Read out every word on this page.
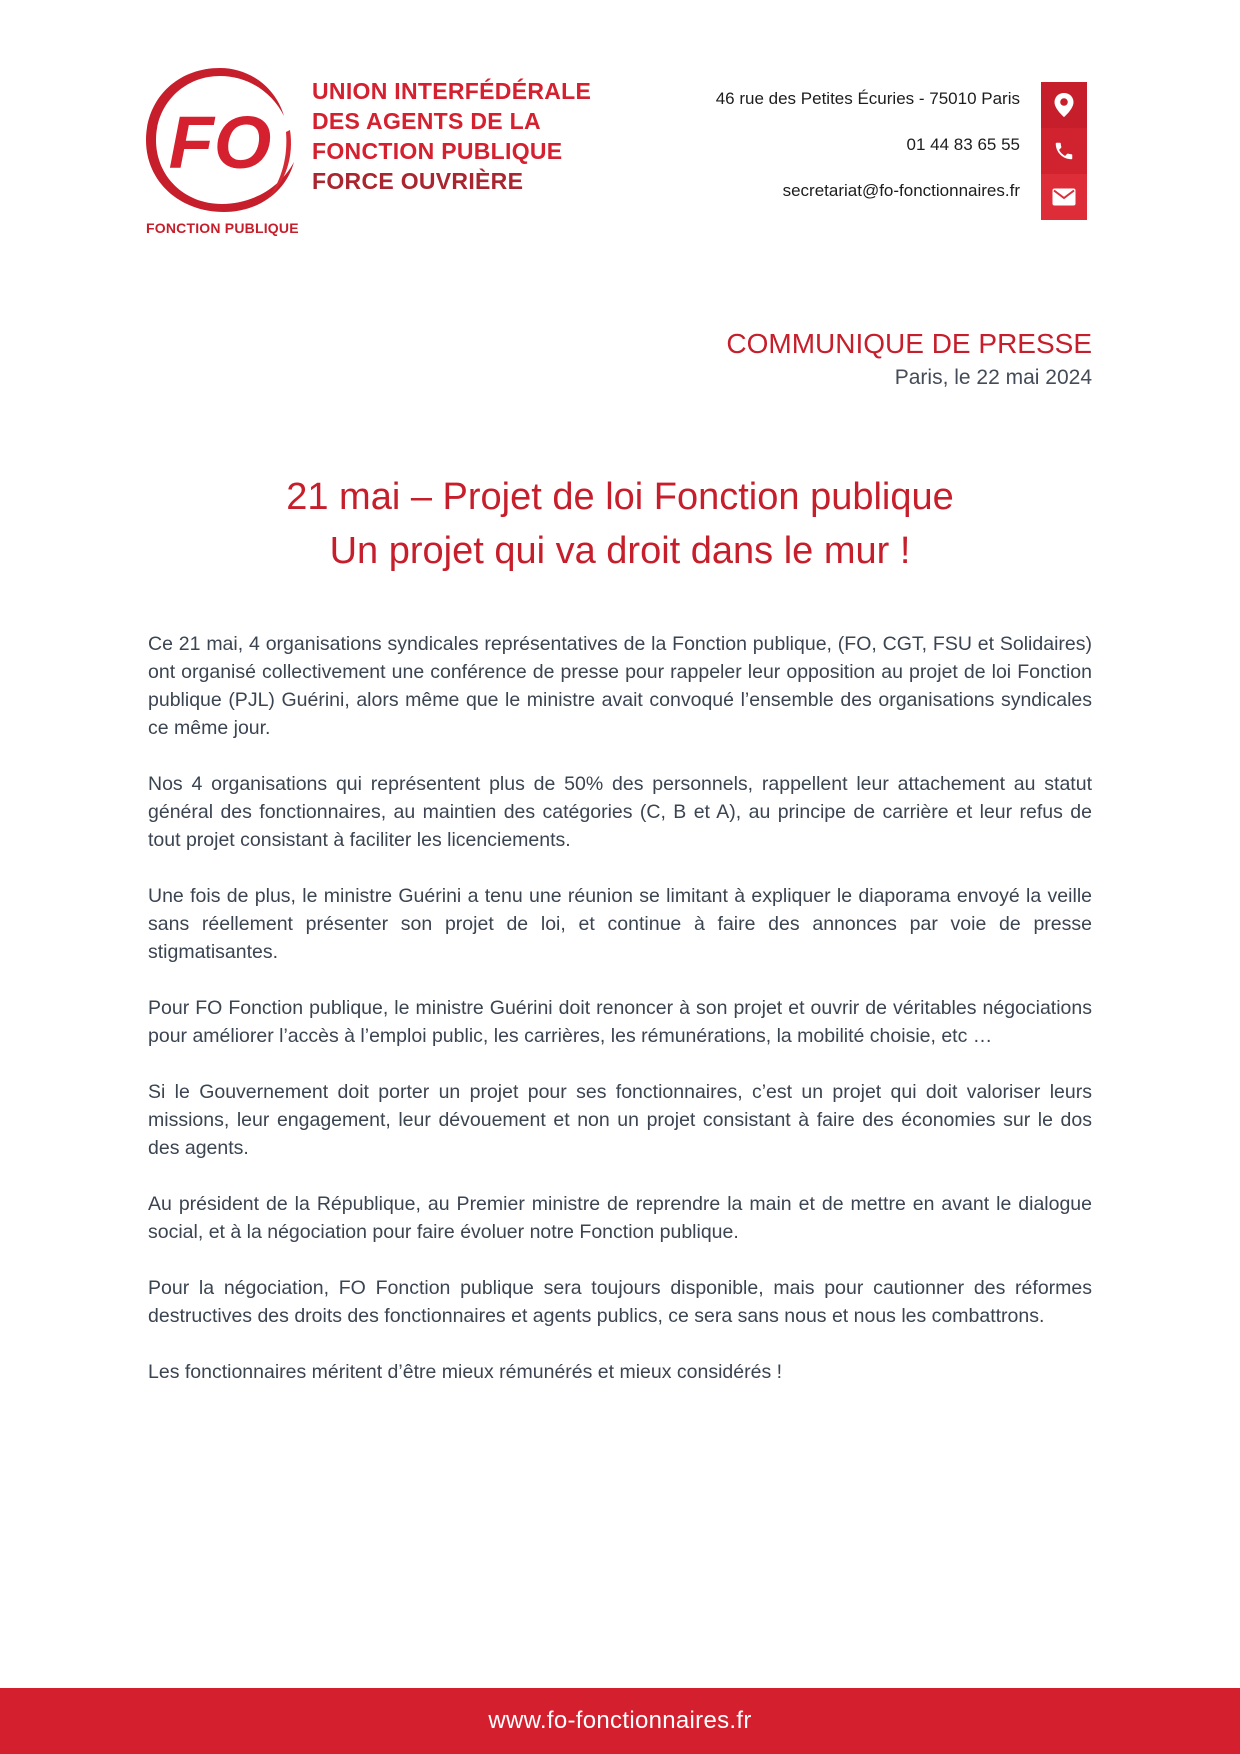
FO
FONCTION PUBLIQUE
UNION INTERFÉDÉRALE
DES AGENTS DE LA
FONCTION PUBLIQUE
FORCE OUVRIÈRE
46 rue des Petites Écuries - 75010 Paris
01 44 83 65 55
secretariat@fo-fonctionnaires.fr
COMMUNIQUE DE PRESSE
Paris, le 22 mai 2024
21 mai – Projet de loi Fonction publique
Un projet qui va droit dans le mur !

Ce 21 mai, 4 organisations syndicales représentatives de la Fonction publique, (FO, CGT, FSU et Solidaires) ont organisé collectivement une conférence de presse pour rappeler leur opposition au projet de loi Fonction publique (PJL) Guérini, alors même que le ministre avait convoqué l’ensemble des organisations syndicales ce même jour.

Nos 4 organisations qui représentent plus de 50% des personnels, rappellent leur attachement au statut général des fonctionnaires, au maintien des catégories (C, B et A), au principe de carrière et leur refus de tout projet consistant à faciliter les licenciements.

Une fois de plus, le ministre Guérini a tenu une réunion se limitant à expliquer le diaporama envoyé la veille sans réellement présenter son projet de loi, et continue à faire des annonces par voie de presse stigmatisantes.

Pour FO Fonction publique, le ministre Guérini doit renoncer à son projet et ouvrir de véritables négociations pour améliorer l’accès à l’emploi public, les carrières, les rémunérations, la mobilité choisie, etc …

Si le Gouvernement doit porter un projet pour ses fonctionnaires, c’est un projet qui doit valoriser leurs missions, leur engagement, leur dévouement et non un projet consistant à faire des économies sur le dos des agents.

Au président de la République, au Premier ministre de reprendre la main et de mettre en avant le dialogue social, et à la négociation pour faire évoluer notre Fonction publique.

Pour la négociation, FO Fonction publique sera toujours disponible, mais pour cautionner des réformes destructives des droits des fonctionnaires et agents publics, ce sera sans nous et nous les combattrons.

Les fonctionnaires méritent d’être mieux rémunérés et mieux considérés !

www.fo-fonctionnaires.fr
